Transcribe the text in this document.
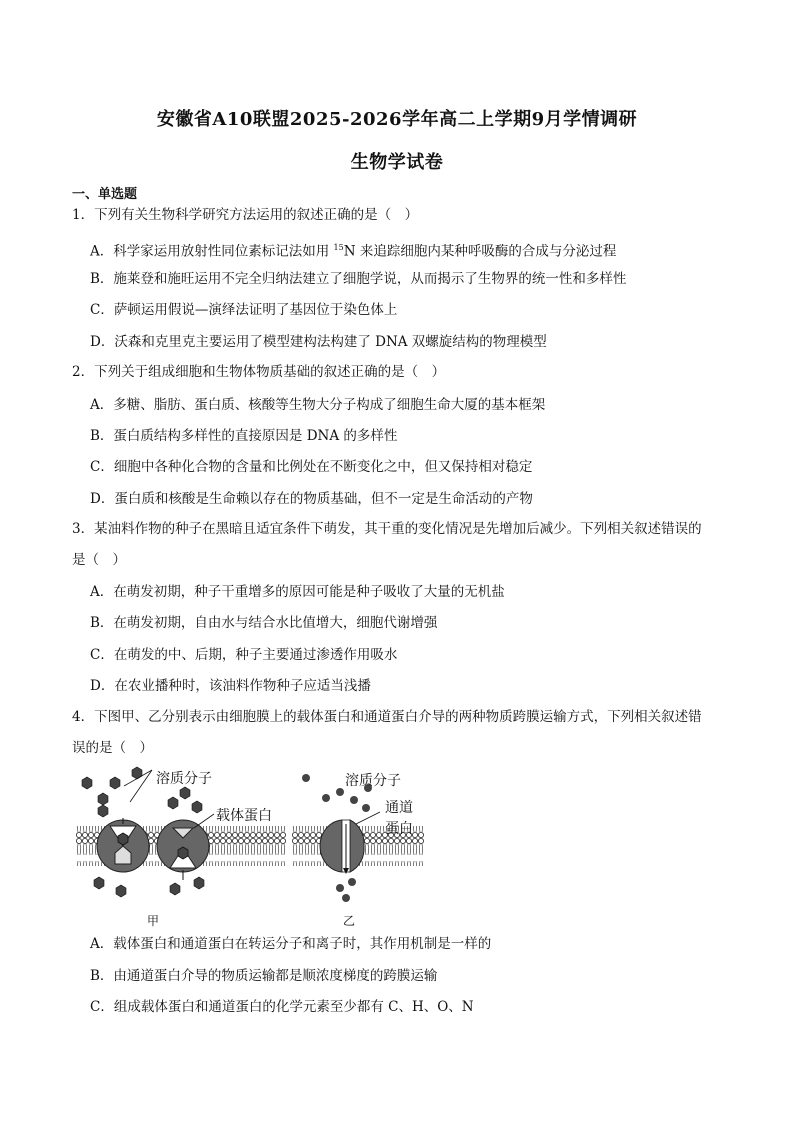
安徽省A10联盟2025-2026学年高二上学期9月学情调研
生物学试卷
一、单选题
1．下列有关生物科学研究方法运用的叙述正确的是（　）
A．科学家运用放射性同位素标记法如用 $^{15}$N 来追踪细胞内某种呼吸酶的合成与分泌过程
B．施莱登和施旺运用不完全归纳法建立了细胞学说，从而揭示了生物界的统一性和多样性
C．萨顿运用假说—演绎法证明了基因位于染色体上
D．沃森和克里克主要运用了模型建构法构建了 DNA 双螺旋结构的物理模型
2．下列关于组成细胞和生物体物质基础的叙述正确的是（　）
A．多糖、脂肪、蛋白质、核酸等生物大分子构成了细胞生命大厦的基本框架
B．蛋白质结构多样性的直接原因是 DNA 的多样性
C．细胞中各种化合物的含量和比例处在不断变化之中，但又保持相对稳定
D．蛋白质和核酸是生命赖以存在的物质基础，但不一定是生命活动的产物
3．某油料作物的种子在黑暗且适宜条件下萌发，其干重的变化情况是先增加后减少。下列相关叙述错误的
是（　）
A．在萌发初期，种子干重增多的原因可能是种子吸收了大量的无机盐
B．在萌发初期，自由水与结合水比值增大，细胞代谢增强
C．在萌发的中、后期，种子主要通过渗透作用吸水
D．在农业播种时，该油料作物种子应适当浅播
4．下图甲、乙分别表示由细胞膜上的载体蛋白和通道蛋白介导的两种物质跨膜运输方式，下列相关叙述错
误的是（　）
溶质分子
载体蛋白
溶质分子
通道
蛋白
甲	乙
A．载体蛋白和通道蛋白在转运分子和离子时，其作用机制是一样的
B．由通道蛋白介导的物质运输都是顺浓度梯度的跨膜运输
C．组成载体蛋白和通道蛋白的化学元素至少都有 C、H、O、N
